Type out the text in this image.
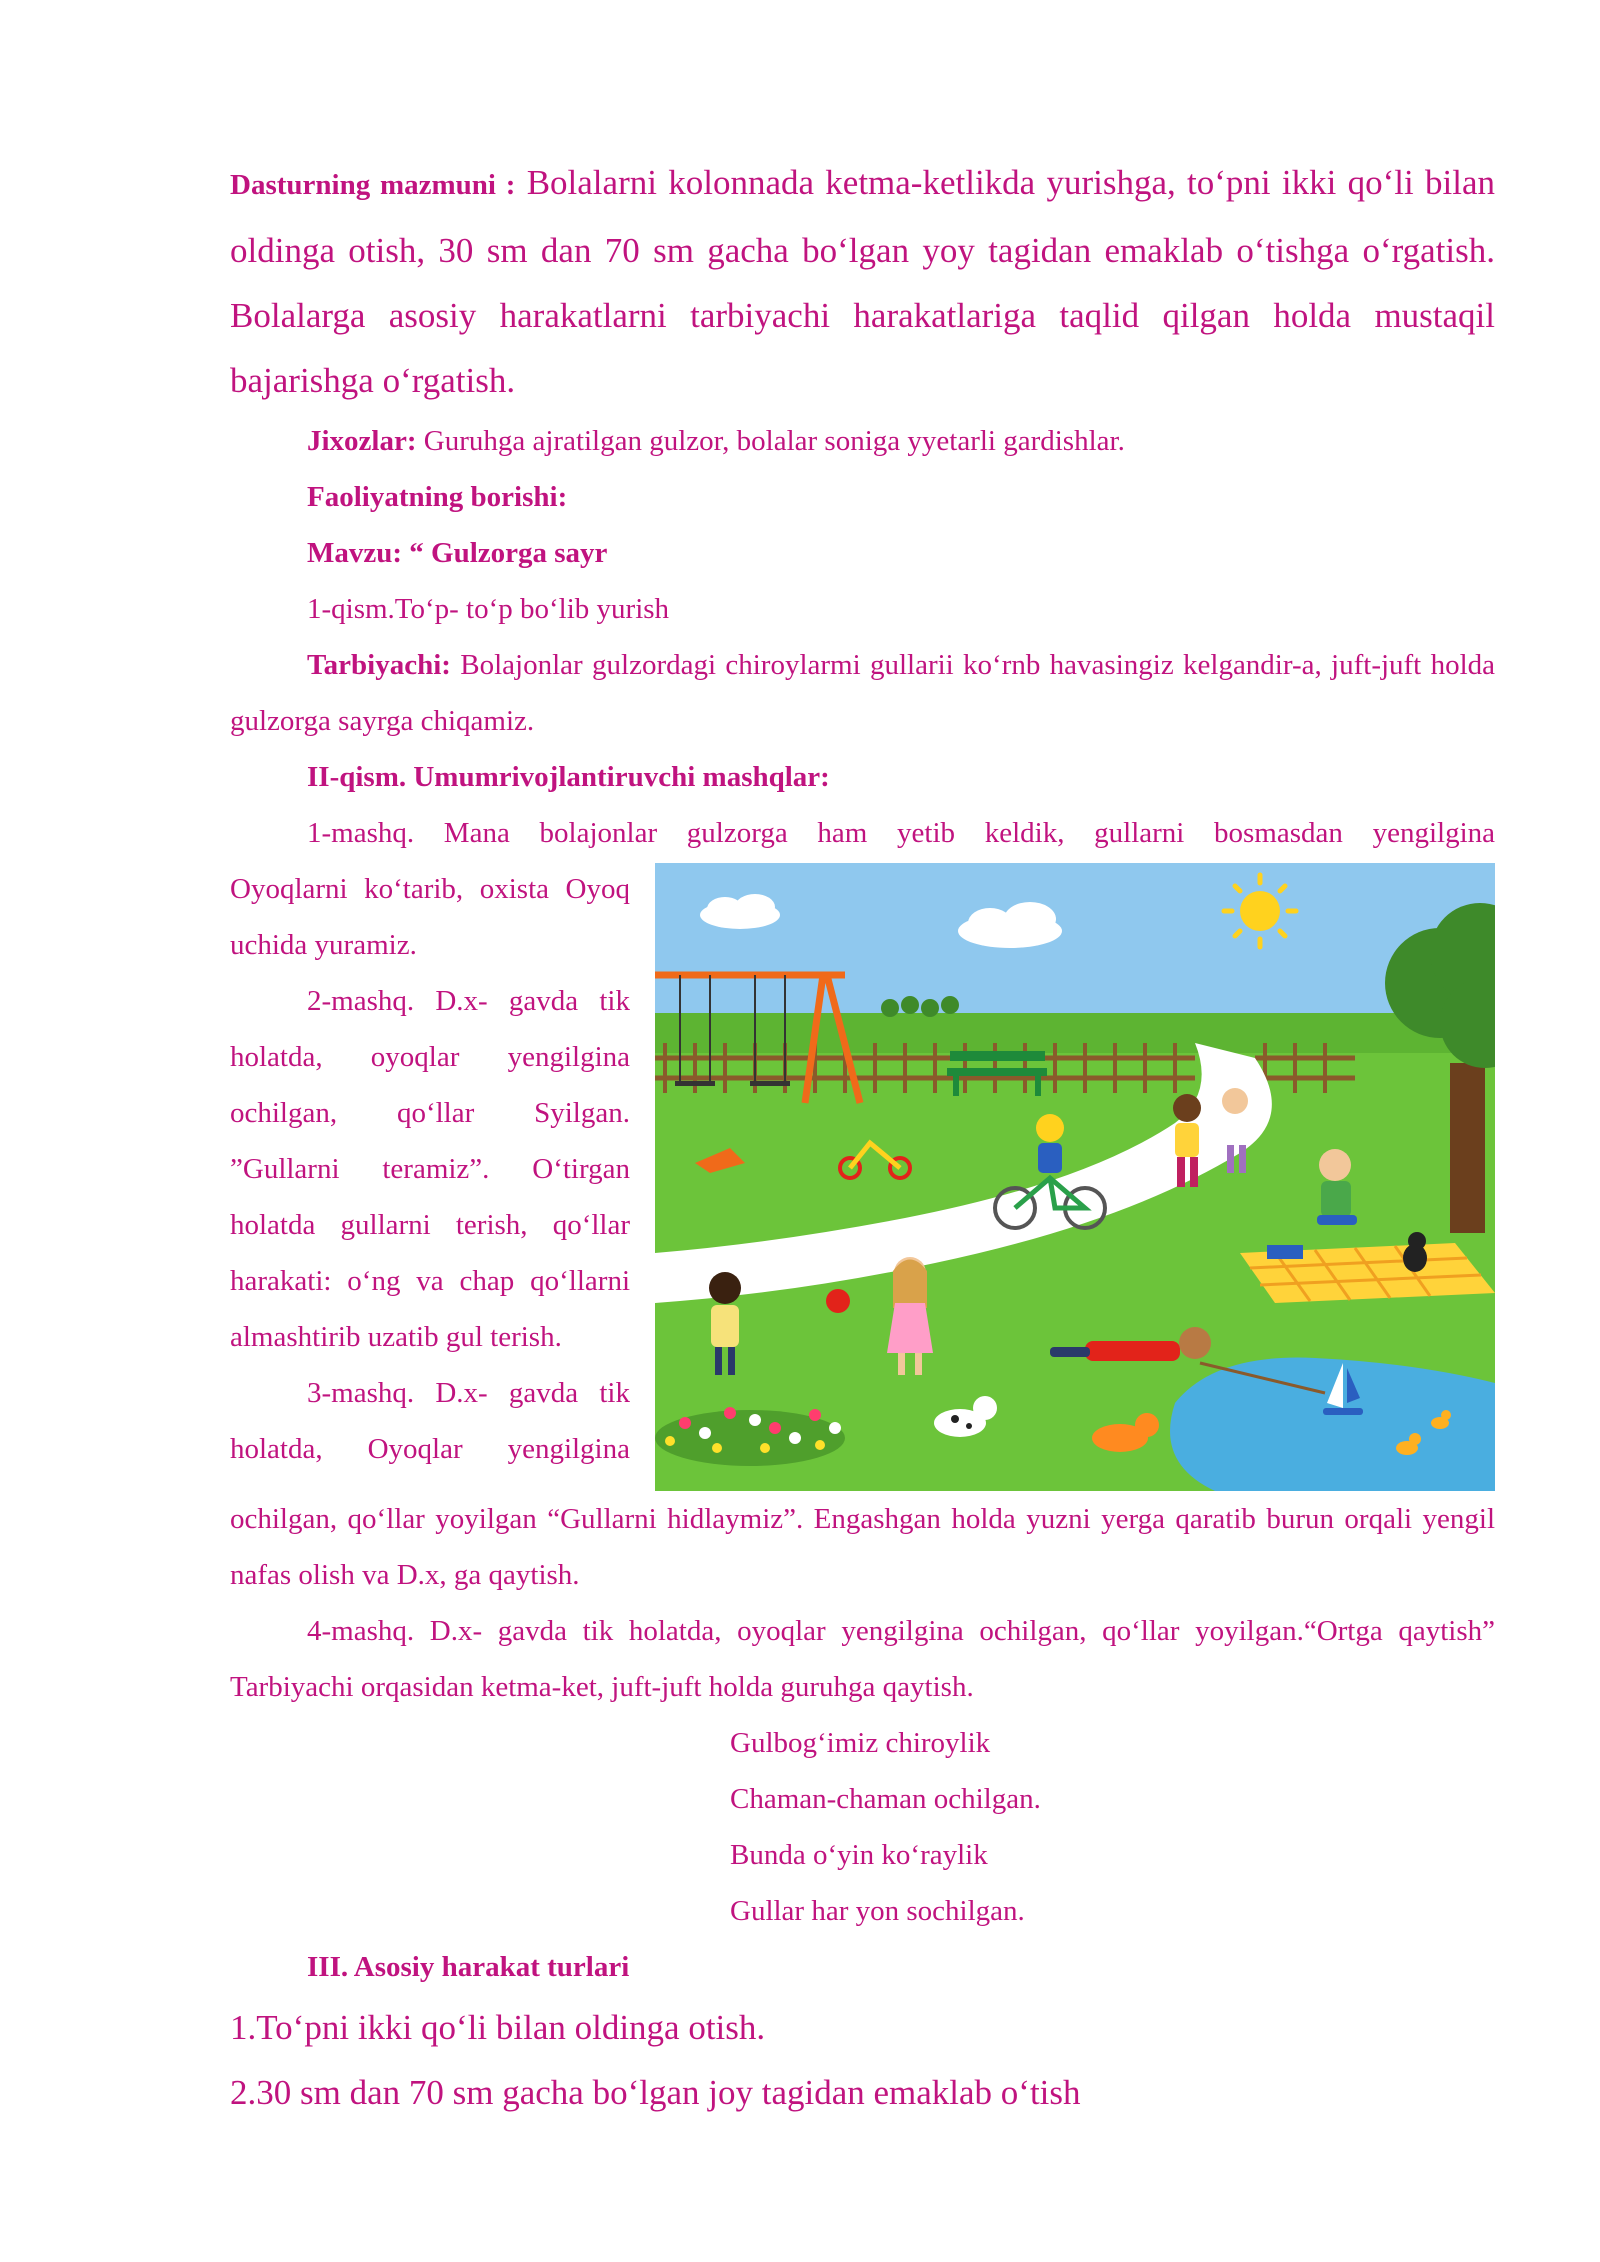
Dasturning mazmuni : Bolalarni kolonnada ketma-ketlikda yurishga, to‘pni ikki qo‘li bilan oldinga otish, 30 sm dan 70 sm gacha bo‘lgan yoy tagidan emaklab o‘tishga o‘rgatish. Bolalarga asosiy harakatlarni tarbiyachi harakatlariga taqlid qilgan holda mustaqil bajarishga o‘rgatish.

Jixozlar: Guruhga ajratilgan gulzor, bolalar soniga yyetarli gardishlar.

Faoliyatning borishi:

Mavzu: “ Gulzorga sayr

1-qism.To‘p- to‘p bo‘lib yurish

Tarbiyachi: Bolajonlar gulzordagi chiroylarmi gullarii ko‘rnb havasingiz kelgandir-a, juft-juft holda gulzorga sayrga chiqamiz.

II-qism. Umumrivojlantiruvchi mashqlar:

1-mashq. Mana bolajonlar gulzorga ham yetib keldik, gullarni bosmasdan yengilgina

Oyoqlarni ko‘tarib, oxista Oyoq uchida yuramiz.

2-mashq. D.x- gavda tik holatda, oyoqlar yengilgina ochilgan, qo‘llar Syilgan. ”Gullarni teramiz”. O‘tirgan holatda gullarni terish, qo‘llar harakati: o‘ng va chap qo‘llarni almashtirib uzatib gul terish.

3-mashq. D.x- gavda tik holatda, Oyoqlar yengilgina

ochilgan, qo‘llar yoyilgan “Gullarni hidlaymiz”. Engashgan holda yuzni yerga qaratib burun orqali yengil nafas olish va D.x, ga qaytish.

4-mashq. D.x- gavda tik holatda, oyoqlar yengilgina ochilgan, qo‘llar yoyilgan.“Ortga qaytish” Tarbiyachi orqasidan ketma-ket, juft-juft holda guruhga qaytish.

Gulbog‘imiz chiroylik

Chaman-chaman ochilgan.

Bunda o‘yin ko‘raylik

Gullar har yon sochilgan.

III. Asosiy harakat turlari

1.To‘pni ikki qo‘li bilan oldinga otish.

2.30 sm dan 70 sm gacha bo‘lgan joy tagidan emaklab o‘tish
